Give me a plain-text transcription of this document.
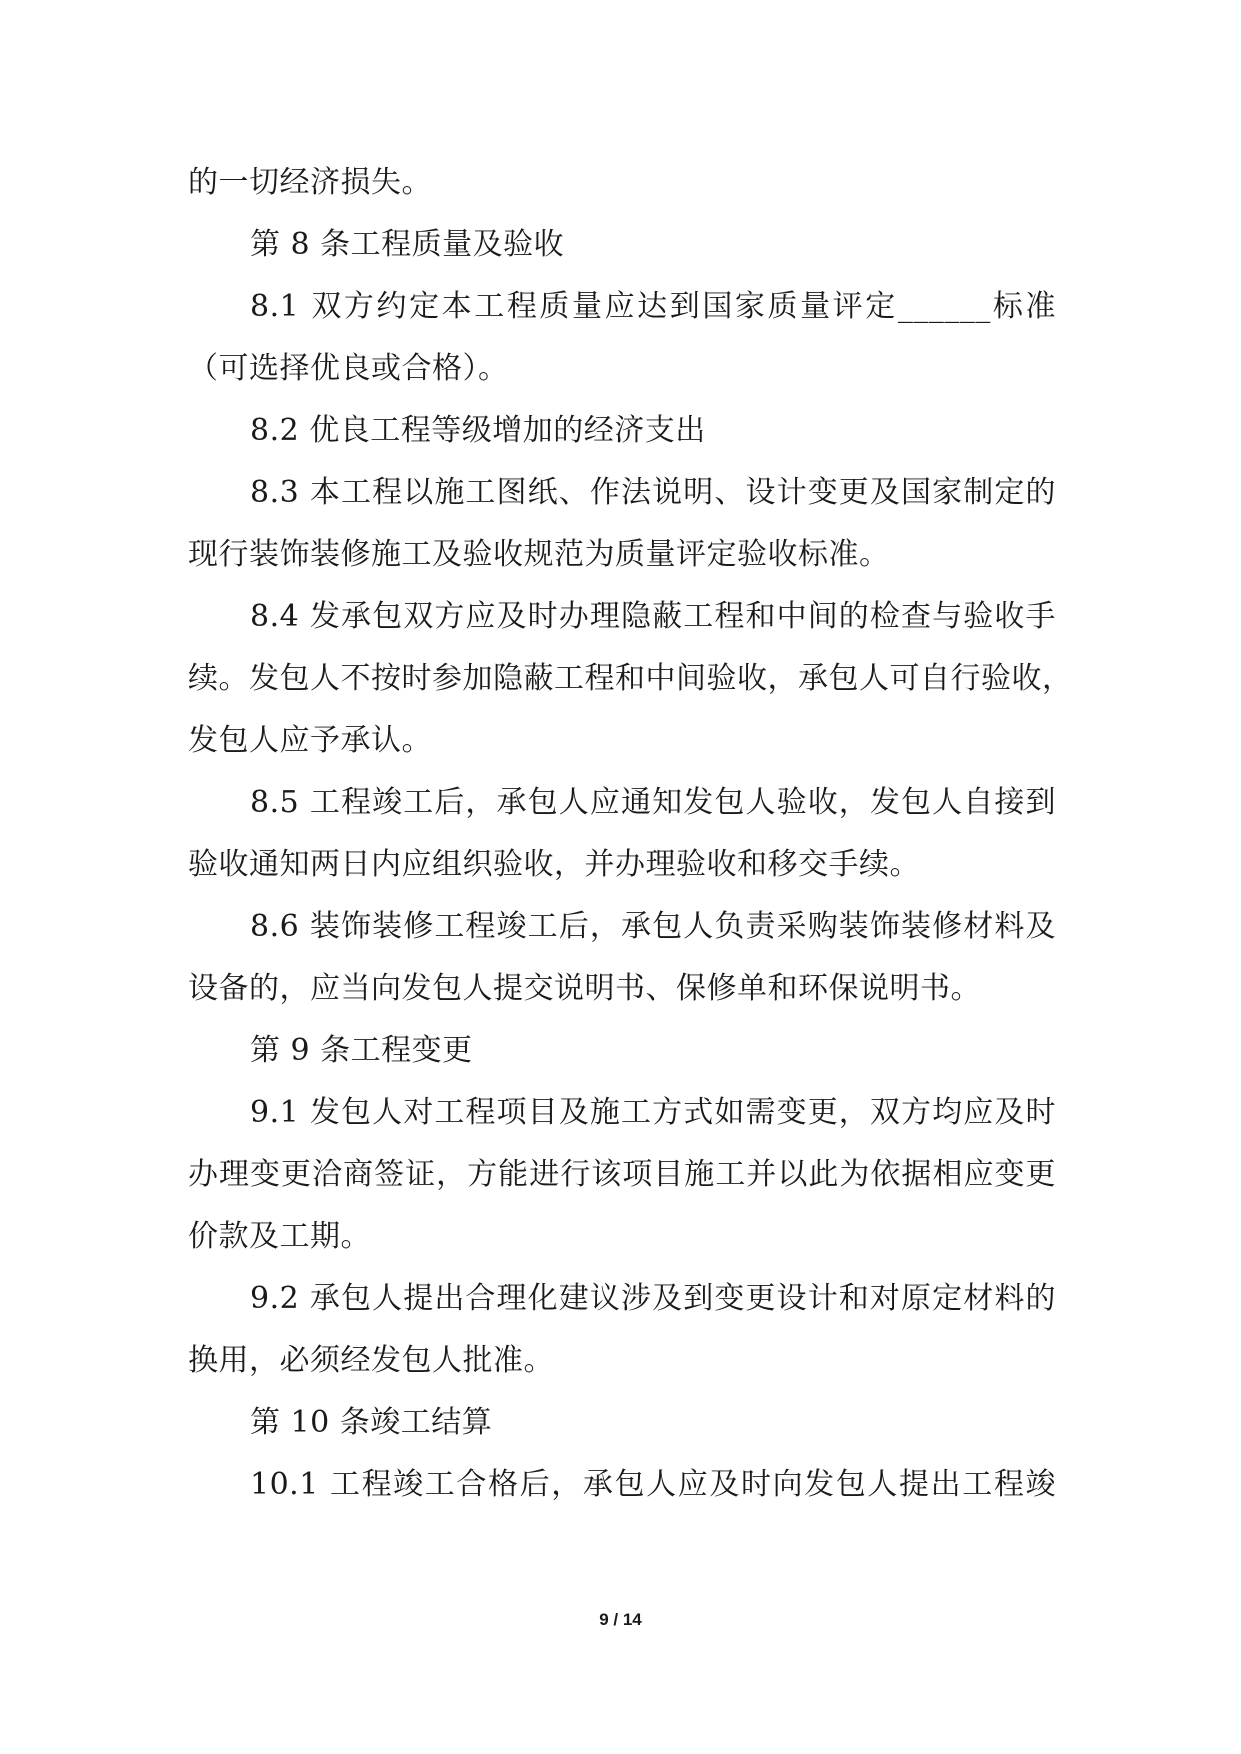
的一切经济损失。
第 8 条工程质量及验收
8.1 双方约定本工程质量应达到国家质量评定______标准
（可选择优良或合格）。
8.2 优良工程等级增加的经济支出
8.3 本工程以施工图纸、作法说明、设计变更及国家制定的
现行装饰装修施工及验收规范为质量评定验收标准。
8.4 发承包双方应及时办理隐蔽工程和中间的检查与验收手
续。发包人不按时参加隐蔽工程和中间验收，承包人可自行验收，
发包人应予承认。
8.5 工程竣工后，承包人应通知发包人验收，发包人自接到
验收通知两日内应组织验收，并办理验收和移交手续。
8.6 装饰装修工程竣工后，承包人负责采购装饰装修材料及
设备的，应当向发包人提交说明书、保修单和环保说明书。
第 9 条工程变更
9.1 发包人对工程项目及施工方式如需变更，双方均应及时
办理变更洽商签证，方能进行该项目施工并以此为依据相应变更
价款及工期。
9.2 承包人提出合理化建议涉及到变更设计和对原定材料的
换用，必须经发包人批准。
第 10 条竣工结算
10.1 工程竣工合格后，承包人应及时向发包人提出工程竣
9 / 14
